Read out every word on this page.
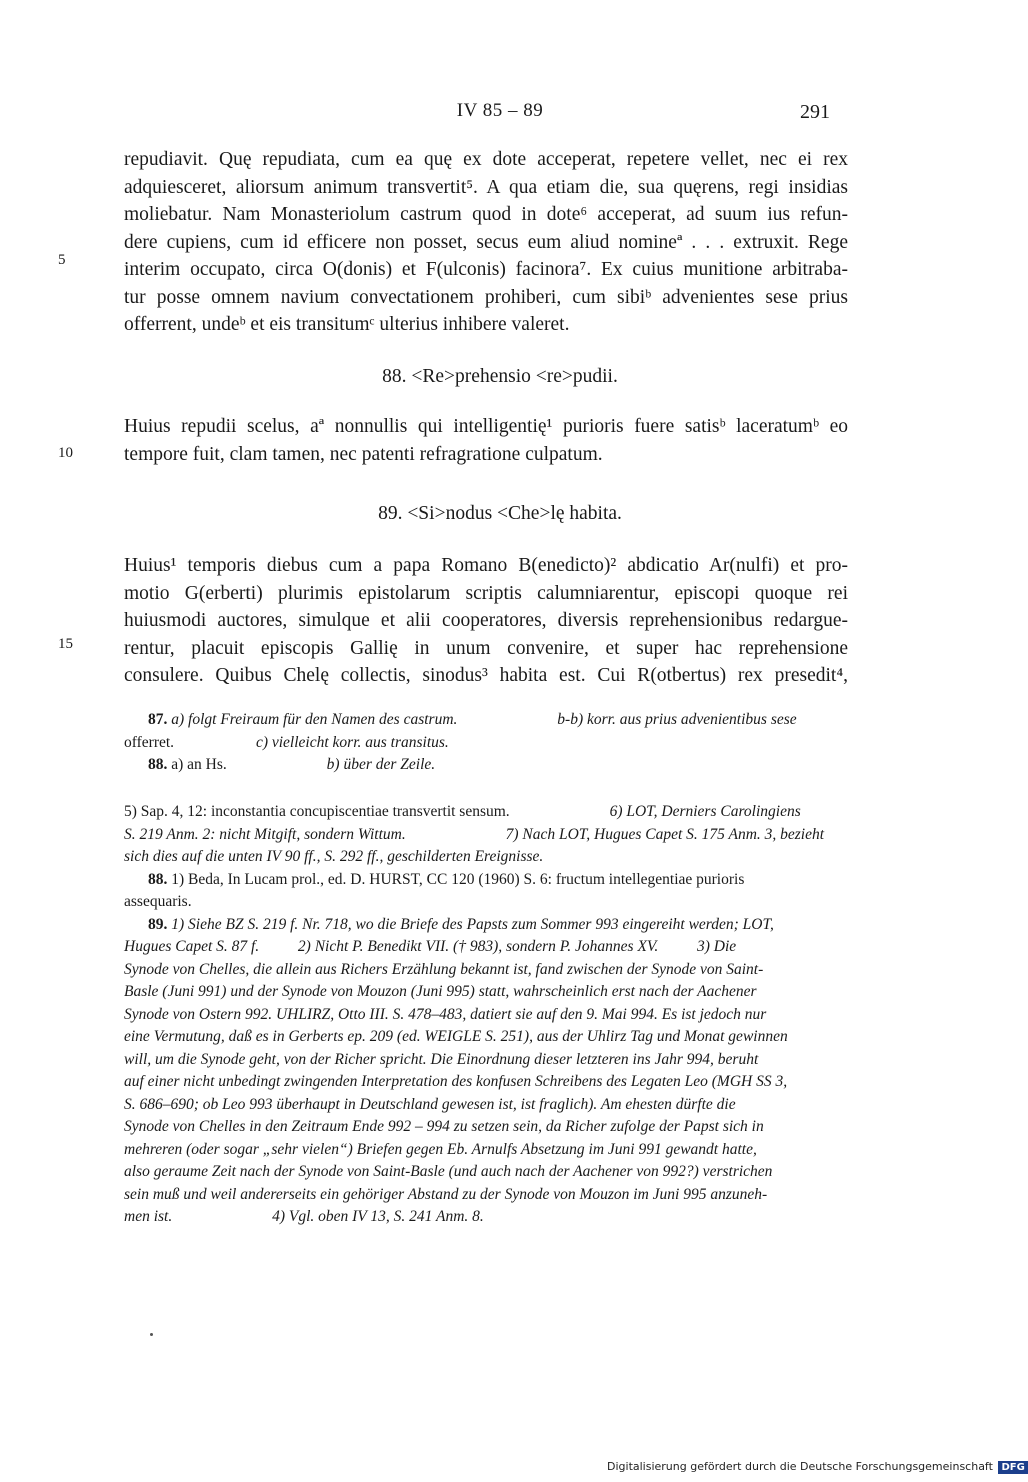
IV 85 – 89	291
repudiavit. Quę repudiata, cum ea quę ex dote acceperat, repetere vellet, nec ei rex
adquiesceret, aliorsum animum transvertit⁵. A qua etiam die, sua quęrens, regi insidias
moliebatur. Nam Monasteriolum castrum quod in dote⁶ acceperat, ad suum ius refun-
dere cupiens, cum id efficere non posset, secus eum aliud nomineª . . . extruxit. Rege
interim occupato, circa O(donis) et F(ulconis) facinora⁷. Ex cuius munitione arbitraba-
tur posse omnem navium convectationem prohiberi, cum sibiᵇ advenientes sese prius
offerrent, undeᵇ et eis transitumᶜ ulterius inhibere valeret.
5
88. <Re>prehensio <re>pudii.
Huius repudii scelus, aª nonnullis qui intelligentię¹ purioris fuere satisᵇ laceratumᵇ eo
tempore fuit, clam tamen, nec patenti refragratione culpatum.
10
89. <Si>nodus <Che>lę habita.
Huius¹ temporis diebus cum a papa Romano B(enedicto)² abdicatio Ar(nulfi) et pro-
motio G(erberti) plurimis epistolarum scriptis calumniarentur, episcopi quoque rei
huiusmodi auctores, simulque et alii cooperatores, diversis reprehensionibus redargue-
rentur, placuit episcopis Gallię in unum convenire, et super hac reprehensione
consulere. Quibus Chelę collectis, sinodus³ habita est. Cui R(otbertus) rex presedit⁴,
15
87. a) folgt Freiraum für den Namen des castrum.	b-b) korr. aus prius advenientibus sese
offerret.	c) vielleicht korr. aus transitus.
88. a) an Hs.	b) über der Zeile.
5) Sap. 4, 12: inconstantia concupiscentiae transvertit sensum.	6) LOT, Derniers Carolingiens
S. 219 Anm. 2: nicht Mitgift, sondern Wittum.	7) Nach LOT, Hugues Capet S. 175 Anm. 3, bezieht
sich dies auf die unten IV 90 ff., S. 292 ff., geschilderten Ereignisse.
88. 1) Beda, In Lucam prol., ed. D. HURST, CC 120 (1960) S. 6: fructum intellegentiae purioris
assequaris.
89. 1) Siehe BZ S. 219 f. Nr. 718, wo die Briefe des Papsts zum Sommer 993 eingereiht werden; LOT,
Hugues Capet S. 87 f.          2) Nicht P. Benedikt VII. († 983), sondern P. Johannes XV.          3) Die
Synode von Chelles, die allein aus Richers Erzählung bekannt ist, fand zwischen der Synode von Saint-
Basle (Juni 991) und der Synode von Mouzon (Juni 995) statt, wahrscheinlich erst nach der Aachener
Synode von Ostern 992. UHLIRZ, Otto III. S. 478–483, datiert sie auf den 9. Mai 994. Es ist jedoch nur
eine Vermutung, daß es in Gerberts ep. 209 (ed. WEIGLE S. 251), aus der Uhlirz Tag und Monat gewinnen
will, um die Synode geht, von der Richer spricht. Die Einordnung dieser letzteren ins Jahr 994, beruht
auf einer nicht unbedingt zwingenden Interpretation des konfusen Schreibens des Legaten Leo (MGH SS 3,
S. 686–690; ob Leo 993 überhaupt in Deutschland gewesen ist, ist fraglich). Am ehesten dürfte die
Synode von Chelles in den Zeitraum Ende 992 – 994 zu setzen sein, da Richer zufolge der Papst sich in
mehreren (oder sogar „sehr vielen“) Briefen gegen Eb. Arnulfs Absetzung im Juni 991 gewandt hatte,
also geraume Zeit nach der Synode von Saint-Basle (und auch nach der Aachener von 992?) verstrichen
sein muß und weil andererseits ein gehöriger Abstand zu der Synode von Mouzon im Juni 995 anzuneh-
men ist.	4) Vgl. oben IV 13, S. 241 Anm. 8.
Digitalisierung gefördert durch die Deutsche Forschungsgemeinschaft DFG
